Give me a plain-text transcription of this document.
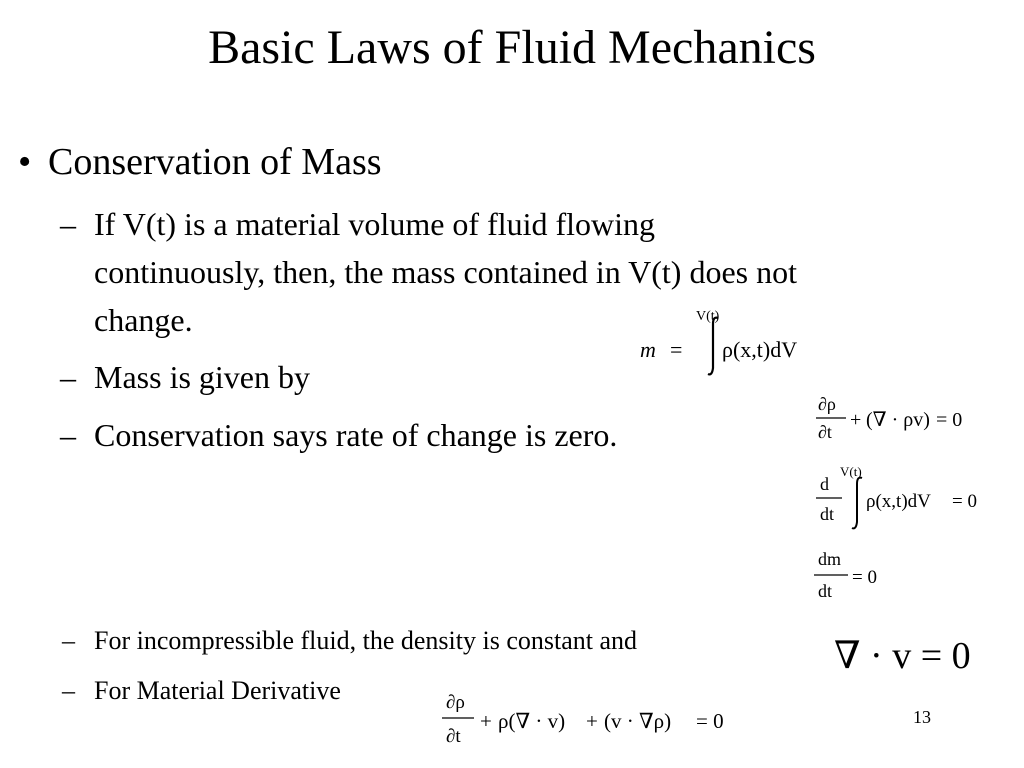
Basic Laws of Fluid Mechanics
• Conservation of Mass
– If V(t) is a material volume of fluid flowing
continuously, then, the mass contained in V(t) does not
change.
– Mass is given by
– Conservation says rate of change is zero.
– For incompressible fluid, the density is constant and
– For Material Derivative
m =
V(t)
ρ(x,t)dV
∂ρ
∂t
+ (∇ · ρv) = 0
d
dt
V(t)
ρ(x,t)dV = 0
dm
dt
= 0
∇ · v = 0
∂ρ
∂t
+ ρ(∇ · v) + (v · ∇ρ) = 0	13
